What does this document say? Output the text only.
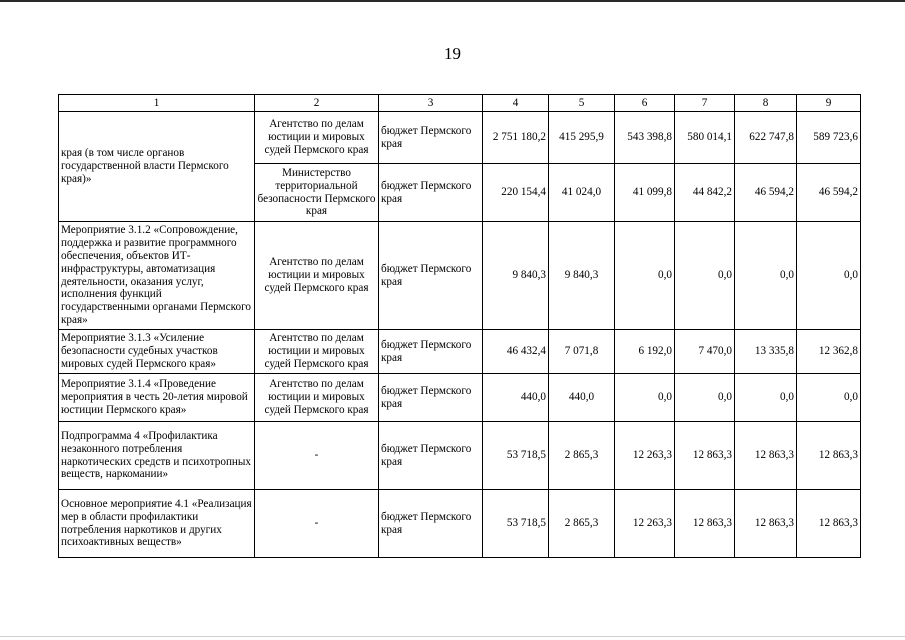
19
1	2	3	4	5	6	7	8	9
края (в том числе органов государственной власти Пермского края)»	Агентство по делам юстиции и мировых судей Пермского края	бюджет Пермского края	2 751 180,2	415 295,9	543 398,8	580 014,1	622 747,8	589 723,6
	Министерство территориальной безопасности Пермского края	бюджет Пермского края	220 154,4	41 024,0	41 099,8	44 842,2	46 594,2	46 594,2
Мероприятие 3.1.2 «Сопровождение, поддержка и развитие программного обеспечения, объектов ИТ-инфраструктуры, автоматизация деятельности, оказания услуг, исполнения функций государственными органами Пермского края»	Агентство по делам юстиции и мировых судей Пермского края	бюджет Пермского края	9 840,3	9 840,3	0,0	0,0	0,0	0,0
Мероприятие 3.1.3 «Усиление безопасности судебных участков мировых судей Пермского края»	Агентство по делам юстиции и мировых судей Пермского края	бюджет Пермского края	46 432,4	7 071,8	6 192,0	7 470,0	13 335,8	12 362,8
Мероприятие 3.1.4 «Проведение мероприятия в честь 20-летия мировой юстиции Пермского края»	Агентство по делам юстиции и мировых судей Пермского края	бюджет Пермского края	440,0	440,0	0,0	0,0	0,0	0,0
Подпрограмма 4 «Профилактика незаконного потребления наркотических средств и психотропных веществ, наркомании»	-	бюджет Пермского края	53 718,5	2 865,3	12 263,3	12 863,3	12 863,3	12 863,3
Основное мероприятие 4.1 «Реализация мер в области профилактики потребления наркотиков и других психоактивных веществ»	-	бюджет Пермского края	53 718,5	2 865,3	12 263,3	12 863,3	12 863,3	12 863,3
